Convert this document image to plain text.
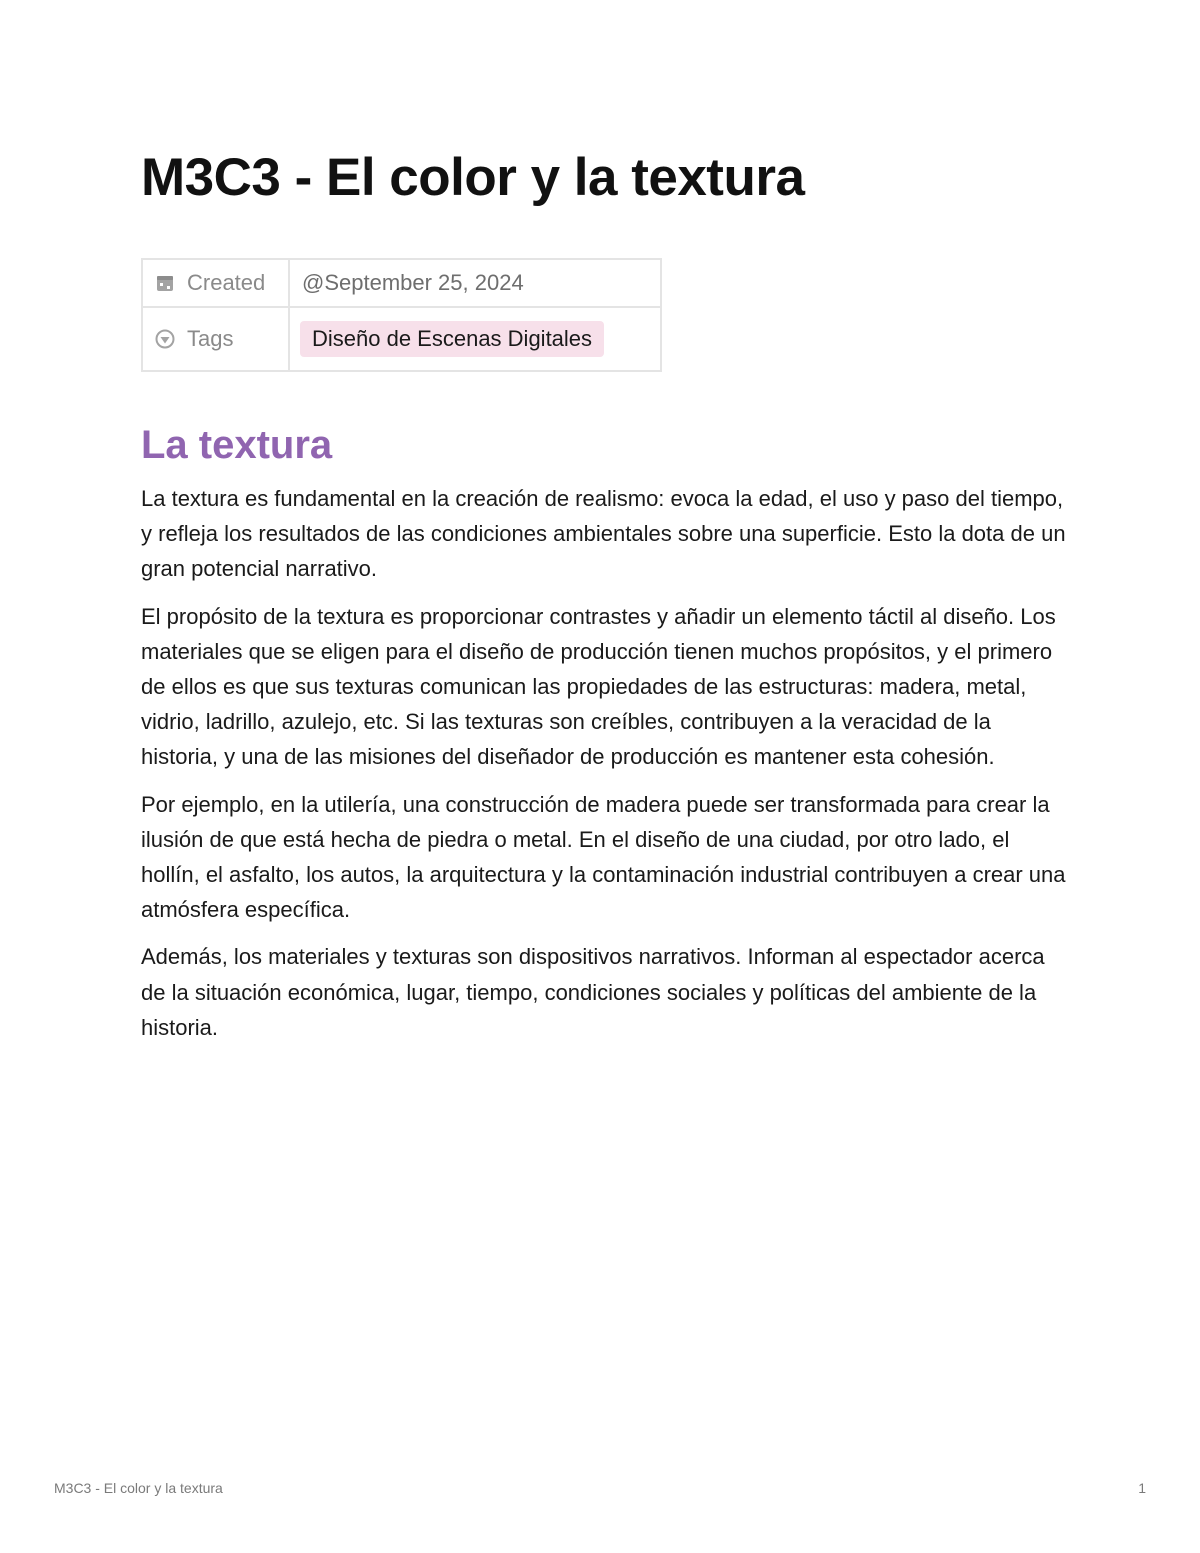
M3C3 - El color y la textura
Created	@September 25, 2024

Tags	Diseño de Escenas Digitales
La textura

La textura es fundamental en la creación de realismo: evoca la edad, el uso y paso del tiempo, y refleja los resultados de las condiciones ambientales sobre una superficie. Esto la dota de un gran potencial narrativo.

El propósito de la textura es proporcionar contrastes y añadir un elemento táctil al diseño. Los materiales que se eligen para el diseño de producción tienen muchos propósitos, y el primero de ellos es que sus texturas comunican las propiedades de las estructuras: madera, metal, vidrio, ladrillo, azulejo, etc. Si las texturas son creíbles, contribuyen a la veracidad de la historia, y una de las misiones del diseñador de producción es mantener esta cohesión.

Por ejemplo, en la utilería, una construcción de madera puede ser transformada para crear la ilusión de que está hecha de piedra o metal. En el diseño de una ciudad, por otro lado, el hollín, el asfalto, los autos, la arquitectura y la contaminación industrial contribuyen a crear una atmósfera específica.

Además, los materiales y texturas son dispositivos narrativos. Informan al espectador acerca de la situación económica, lugar, tiempo, condiciones sociales y políticas del ambiente de la historia.

M3C3 - El color y la textura	1
